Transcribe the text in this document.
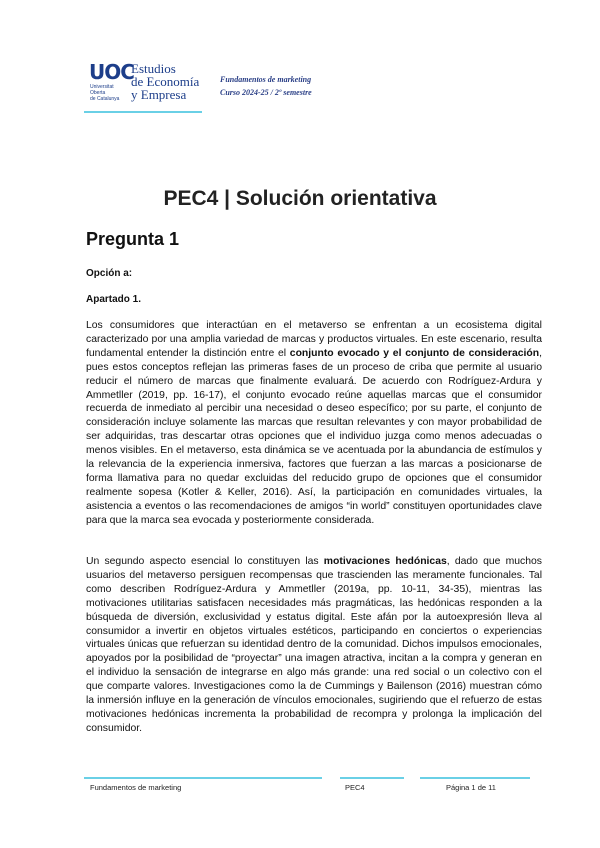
UOC
Universitat
Oberta
de Catalunya
Estudios
de Economía
y Empresa
Fundamentos de marketing
Curso 2024-25 / 2º semestre
PEC4 | Solución orientativa
Pregunta 1
Opción a:
Apartado 1.

Los consumidores que interactúan en el metaverso se enfrentan a un ecosistema digital caracterizado por una amplia variedad de marcas y productos virtuales. En este escenario, resulta fundamental entender la distinción entre el conjunto evocado y el conjunto de consideración, pues estos conceptos reflejan las primeras fases de un proceso de criba que permite al usuario reducir el número de marcas que finalmente evaluará. De acuerdo con Rodríguez-Ardura y Ammetller (2019, pp. 16-17), el conjunto evocado reúne aquellas marcas que el consumidor recuerda de inmediato al percibir una necesidad o deseo específico; por su parte, el conjunto de consideración incluye solamente las marcas que resultan relevantes y con mayor probabilidad de ser adquiridas, tras descartar otras opciones que el individuo juzga como menos adecuadas o menos visibles. En el metaverso, esta dinámica se ve acentuada por la abundancia de estímulos y la relevancia de la experiencia inmersiva, factores que fuerzan a las marcas a posicionarse de forma llamativa para no quedar excluidas del reducido grupo de opciones que el consumidor realmente sopesa (Kotler & Keller, 2016). Así, la participación en comunidades virtuales, la asistencia a eventos o las recomendaciones de amigos “in world” constituyen oportunidades clave para que la marca sea evocada y posteriormente considerada.

Un segundo aspecto esencial lo constituyen las motivaciones hedónicas, dado que muchos usuarios del metaverso persiguen recompensas que trascienden las meramente funcionales. Tal como describen Rodríguez-Ardura y Ammetller (2019a, pp. 10-11, 34-35), mientras las motivaciones utilitarias satisfacen necesidades más pragmáticas, las hedónicas responden a la búsqueda de diversión, exclusividad y estatus digital. Este afán por la autoexpresión lleva al consumidor a invertir en objetos virtuales estéticos, participando en conciertos o experiencias virtuales únicas que refuerzan su identidad dentro de la comunidad. Dichos impulsos emocionales, apoyados por la posibilidad de “proyectar” una imagen atractiva, incitan a la compra y generan en el individuo la sensación de integrarse en algo más grande: una red social o un colectivo con el que comparte valores. Investigaciones como la de Cummings y Bailenson (2016) muestran cómo la inmersión influye en la generación de vínculos emocionales, sugiriendo que el refuerzo de estas motivaciones hedónicas incrementa la probabilidad de recompra y prolonga la implicación del consumidor.

Fundamentos de marketing	PEC4	Página 1 de 11
